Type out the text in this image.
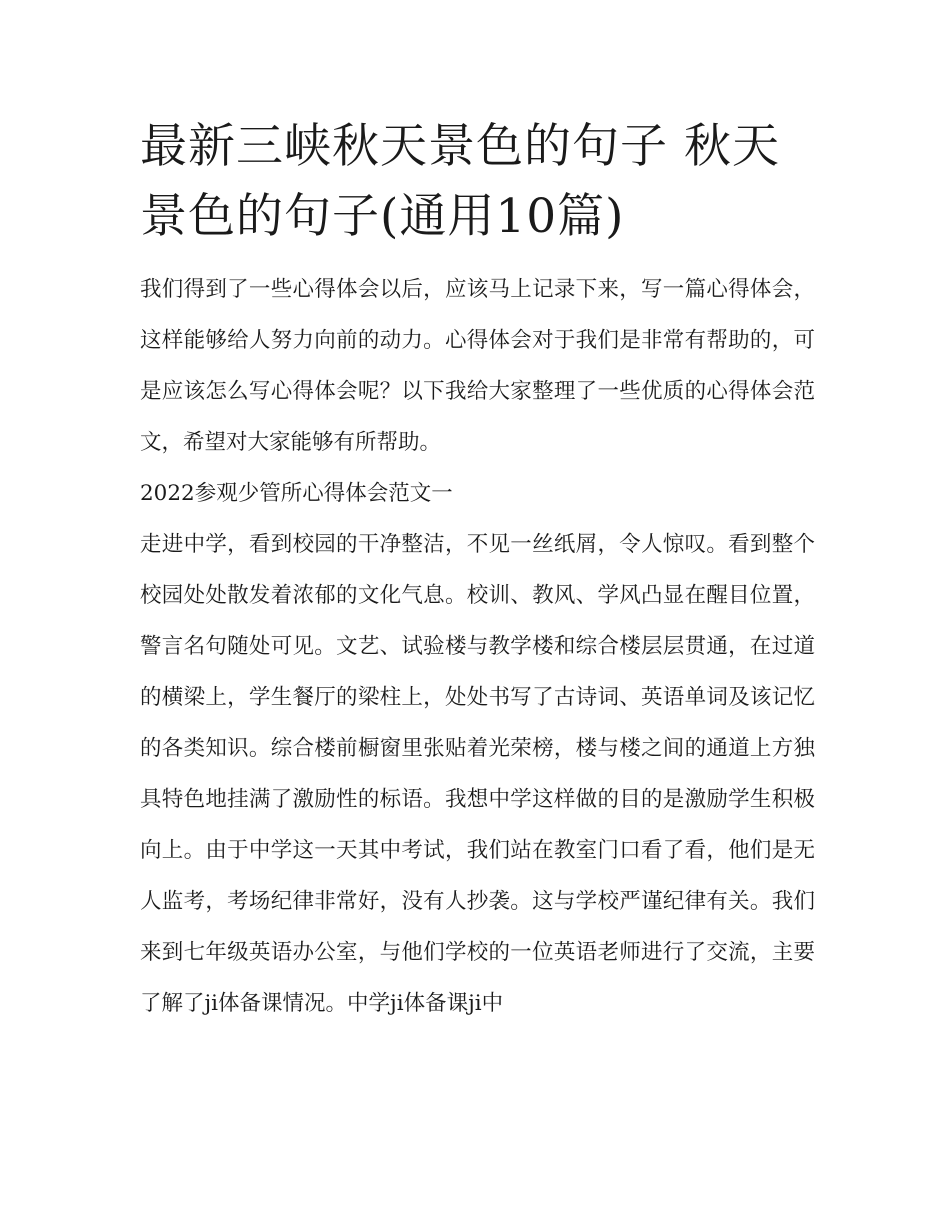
最新三峡秋天景色的句子 秋天景色的句子(通用10篇)

我们得到了一些心得体会以后，应该马上记录下来，写一篇心得体会，这样能够给人努力向前的动力。心得体会对于我们是非常有帮助的，可是应该怎么写心得体会呢？以下我给大家整理了一些优质的心得体会范文，希望对大家能够有所帮助。

2022参观少管所心得体会范文一

走进中学，看到校园的干净整洁，不见一丝纸屑，令人惊叹。看到整个校园处处散发着浓郁的文化气息。校训、教风、学风凸显在醒目位置，警言名句随处可见。文艺、试验楼与教学楼和综合楼层层贯通，在过道的横梁上，学生餐厅的梁柱上，处处书写了古诗词、英语单词及该记忆的各类知识。综合楼前橱窗里张贴着光荣榜，楼与楼之间的通道上方独具特色地挂满了激励性的标语。我想中学这样做的目的是激励学生积极向上。由于中学这一天其中考试，我们站在教室门口看了看，他们是无人监考，考场纪律非常好，没有人抄袭。这与学校严谨纪律有关。我们来到七年级英语办公室，与他们学校的一位英语老师进行了交流，主要了解了ji体备课情况。中学ji体备课ji中
